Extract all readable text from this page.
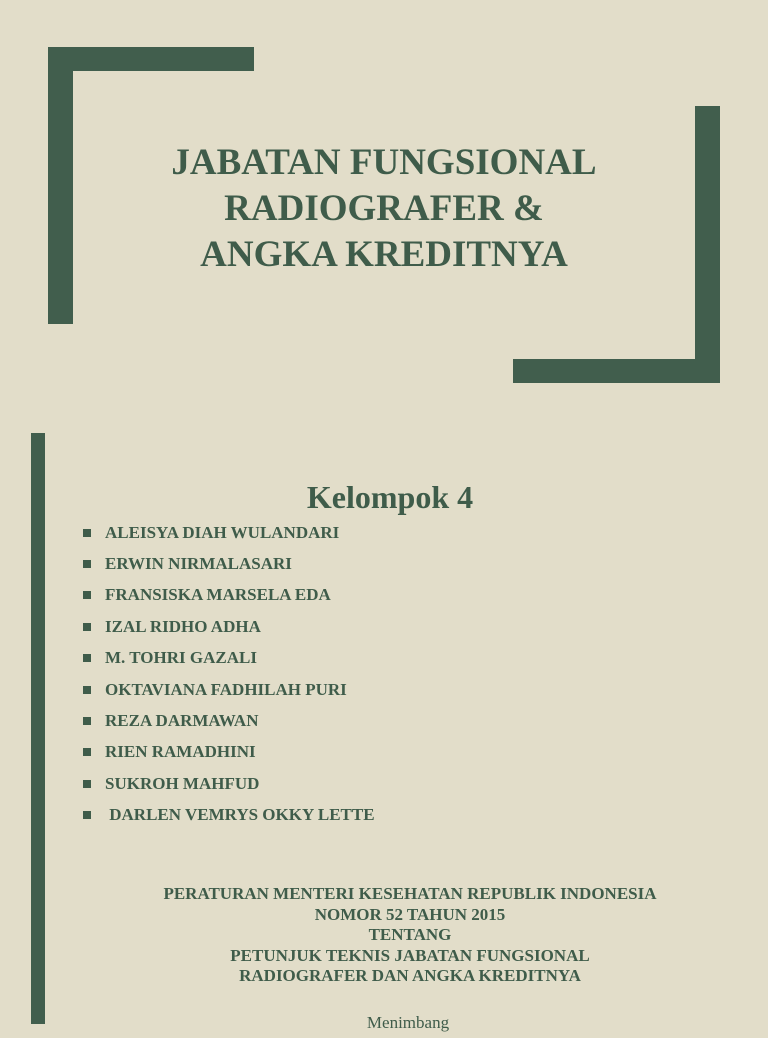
JABATAN FUNGSIONAL
RADIOGRAFER &
ANGKA KREDITNYA
Kelompok 4
ALEISYA DIAH WULANDARI
ERWIN NIRMALASARI
FRANSISKA MARSELA EDA
IZAL RIDHO ADHA
M. TOHRI GAZALI
OKTAVIANA FADHILAH PURI
REZA DARMAWAN
RIEN RAMADHINI
SUKROH MAHFUD
DARLEN VEMRYS OKKY LETTE
PERATURAN MENTERI KESEHATAN REPUBLIK INDONESIA
NOMOR 52 TAHUN 2015
TENTANG
PETUNJUK TEKNIS JABATAN FUNGSIONAL
RADIOGRAFER DAN ANGKA KREDITNYA
Menimbang
